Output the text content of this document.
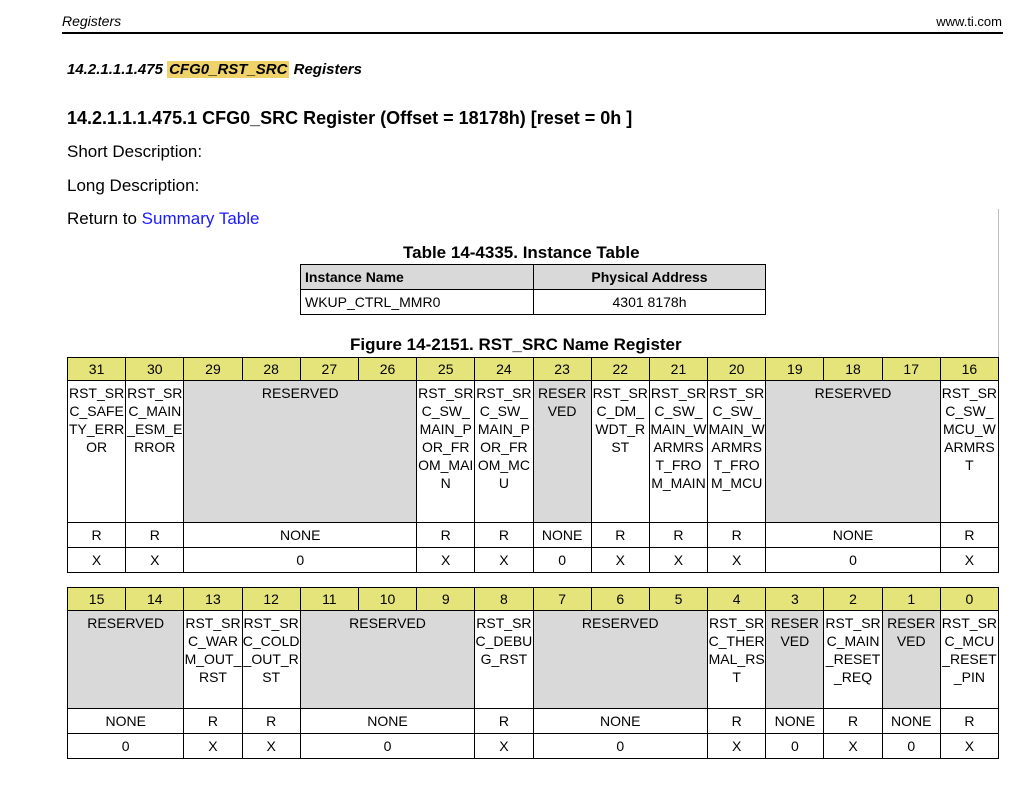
Registers	www.ti.com
14.2.1.1.1.475 CFG0_RST_SRC Registers
14.2.1.1.1.475.1 CFG0_SRC Register (Offset = 18178h) [reset = 0h ]
Short Description:
Long Description:
Return to Summary Table
Table 14-4335. Instance Table
Instance Name	Physical Address
WKUP_CTRL_MMR0	4301 8178h
Figure 14-2151. RST_SRC Name Register
31	30	29	28	27	26	25	24	23	22	21	20	19	18	17	16

RST_SRC_SAFETY_ERROR	RST_SRC_MAIN_ESM_ERROR	RESERVED				RST_SRC_SW_MAIN_POR_FROM_MAIN	RST_SRC_SW_MAIN_POR_FROM_MCU	RESERVED	RST_SRC_DM_WDT_RST	RST_SRC_SW_MAIN_WARMRST_FROM_MAIN	RST_SRC_SW_MAIN_WARMRST_FROM_MCU	RESERVED			RST_SRC_SW_MCU_WARMRST

R	R	NONE				R	R	NONE	R	R	R	NONE			R
X	X	0				X	X	0	X	X	X	0			X
15	14	13	12	11	10	9	8	7	6	5	4	3	2	1	0

RESERVED		RST_SRC_WARM_OUT_RST	RST_SRC_COLD_OUT_RST	RESERVED			RST_SRC_DEBUG_RST	RESERVED			RST_SRC_THERMAL_RST	RESERVED	RST_SRC_MAIN_RESET_REQ	RESERVED	RST_SRC_MCU_RESET_PIN

NONE		R	R	NONE			R	NONE			R	NONE	R	NONE	R
0		X	X	0			X	0			X	0	X	0	X
